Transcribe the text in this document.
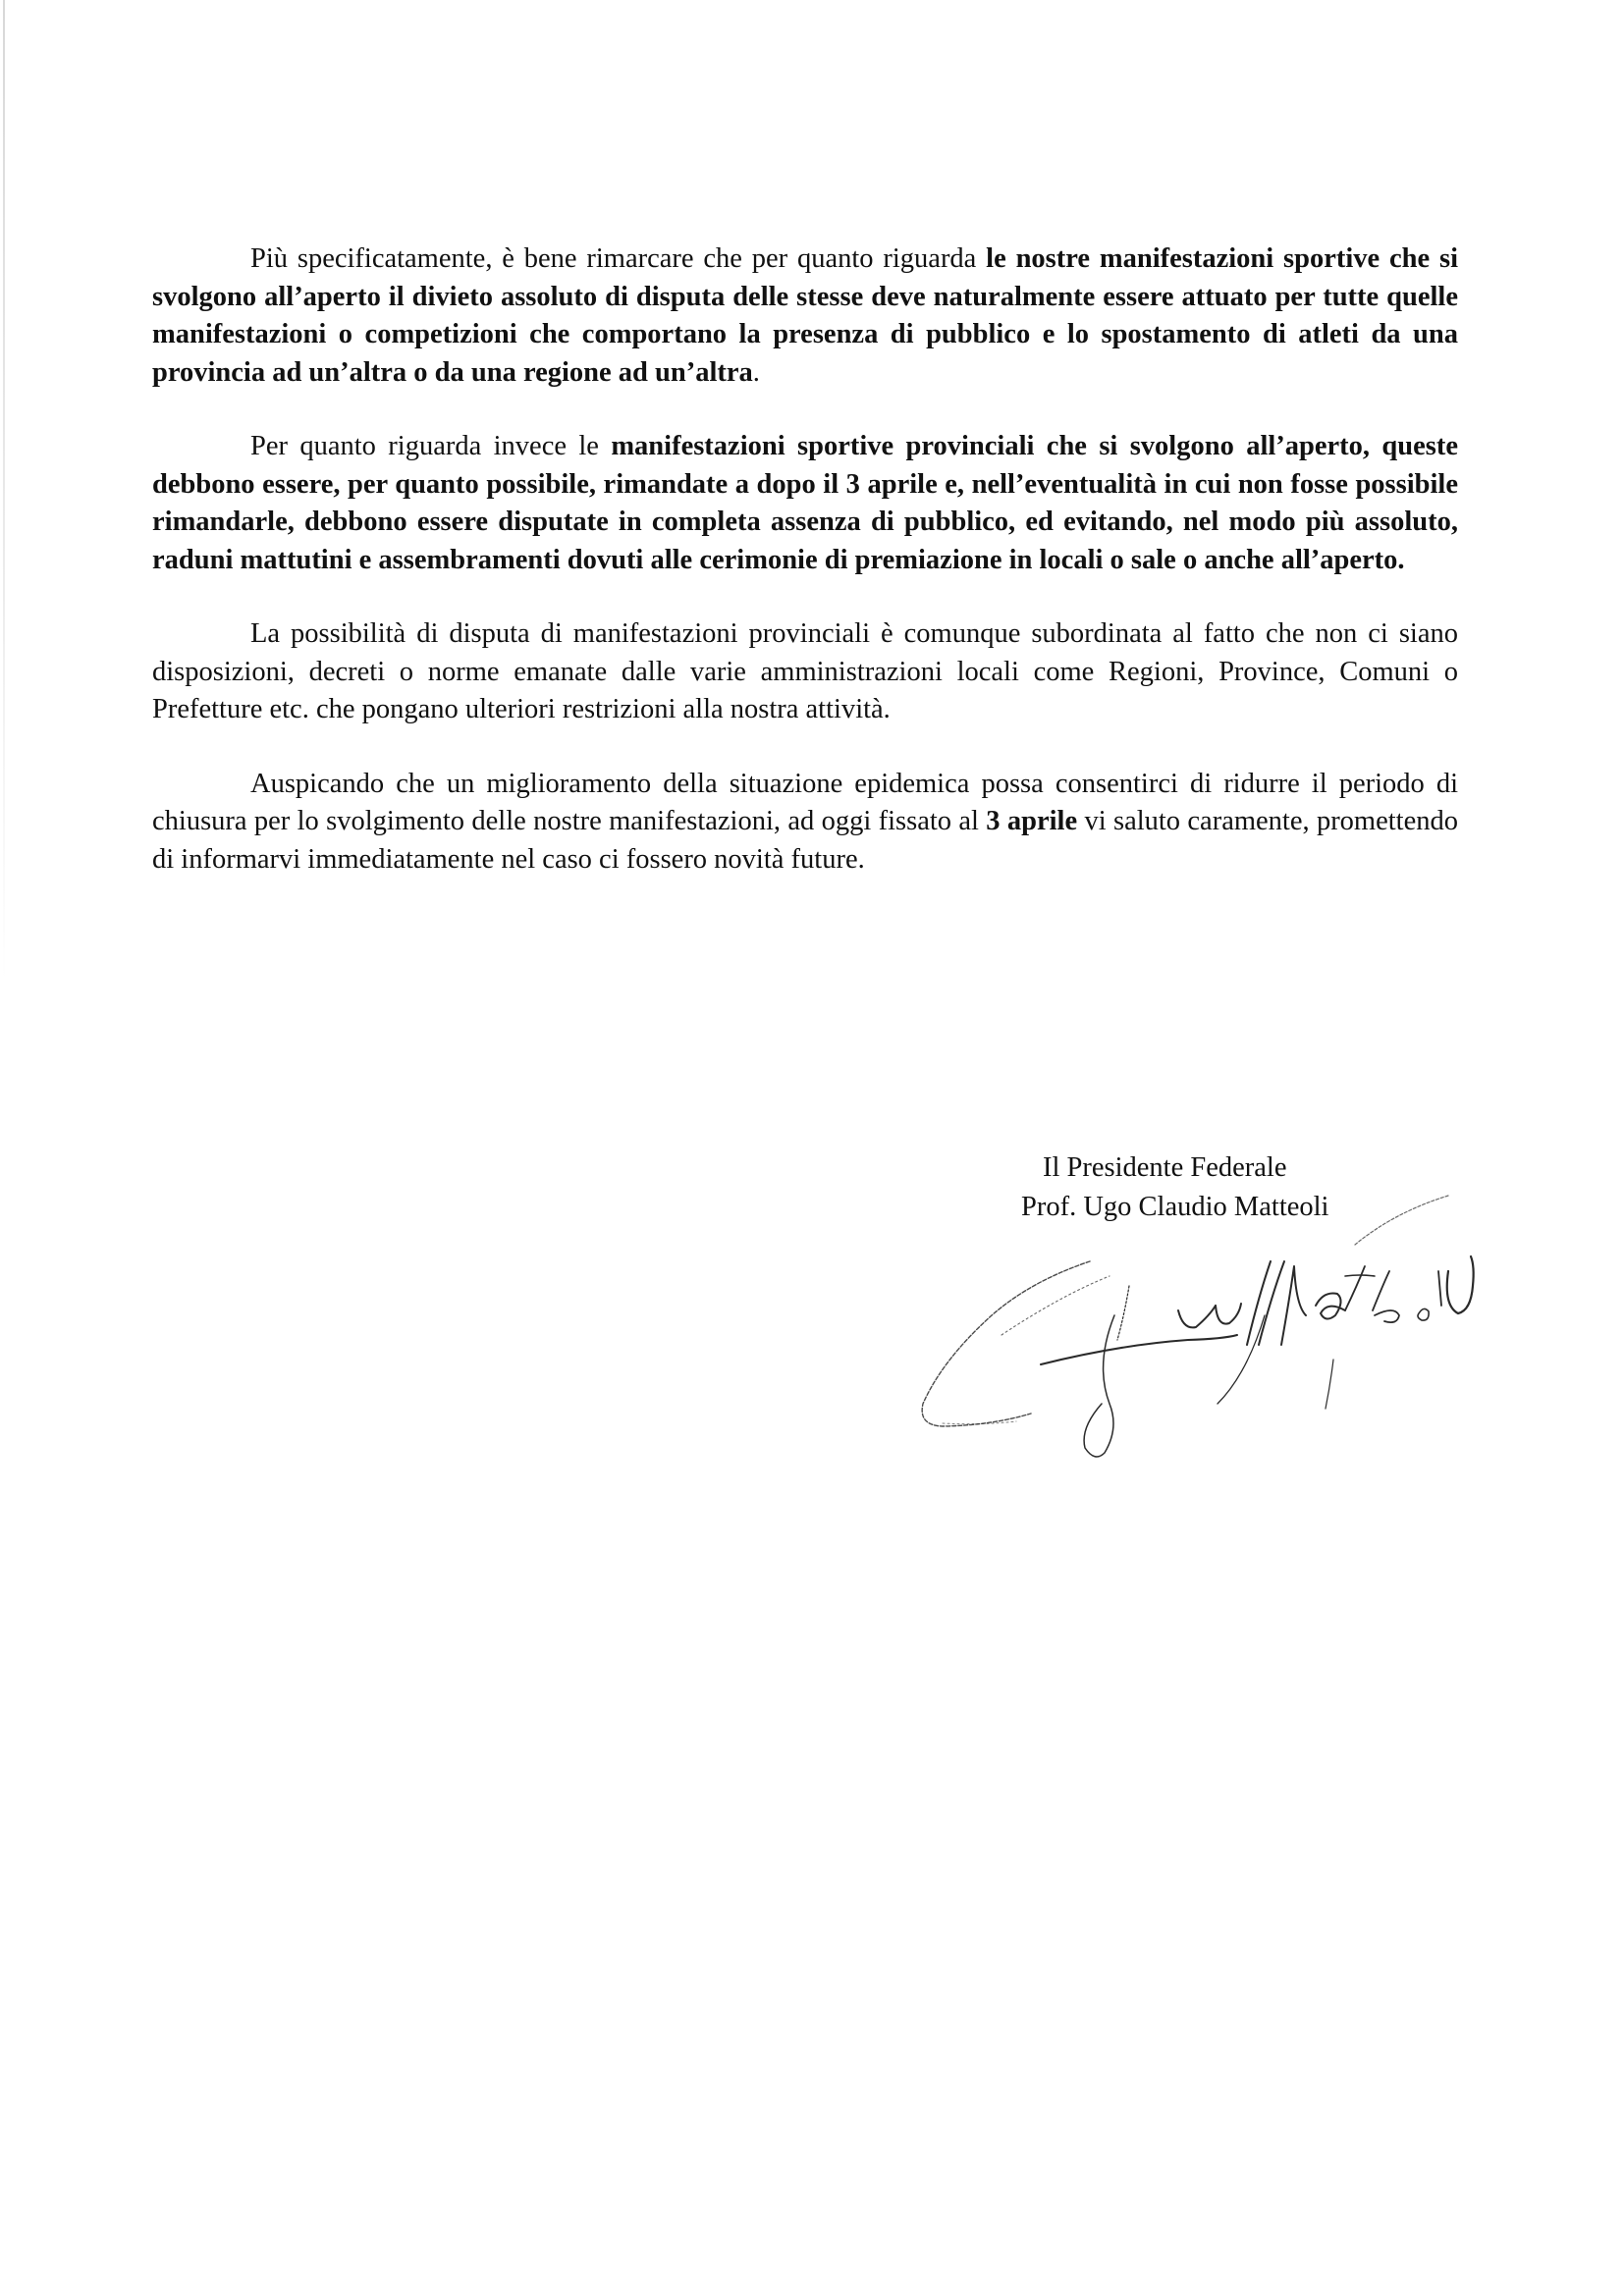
Più specificatamente, è bene rimarcare che per quanto riguarda le nostre manifestazioni sportive che si svolgono all’aperto il divieto assoluto di disputa delle stesse deve naturalmente essere attuato per tutte quelle manifestazioni o competizioni che comportano la presenza di pubblico e lo spostamento di atleti da una provincia ad un’altra o da una regione ad un’altra.

Per quanto riguarda invece le manifestazioni sportive provinciali che si svolgono all’aperto, queste debbono essere, per quanto possibile, rimandate a dopo il 3 aprile e, nell’eventualità in cui non fosse possibile rimandarle, debbono essere disputate in completa assenza di pubblico, ed evitando, nel modo più assoluto, raduni mattutini e assembramenti dovuti alle cerimonie di premiazione in locali o sale o anche all’aperto.

La possibilità di disputa di manifestazioni provinciali è comunque subordinata al fatto che non ci siano disposizioni, decreti o norme emanate dalle varie amministrazioni locali come Regioni, Province, Comuni o Prefetture etc. che pongano ulteriori restrizioni alla nostra attività.

Auspicando che un miglioramento della situazione epidemica possa consentirci di ridurre il periodo di chiusura per lo svolgimento delle nostre manifestazioni, ad oggi fissato al 3 aprile vi saluto caramente, promettendo di informarvi immediatamente nel caso ci fossero novità future.

Il Presidente Federale
Prof. Ugo Claudio Matteoli
